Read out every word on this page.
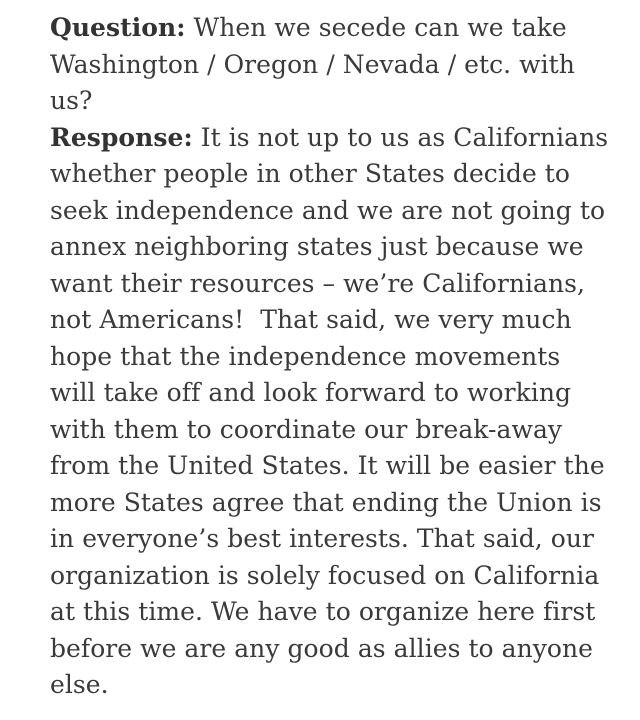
Question: When we secede can we take
Washington / Oregon / Nevada / etc. with
us?
Response: It is not up to us as Californians
whether people in other States decide to
seek independence and we are not going to
annex neighboring states just because we
want their resources – we’re Californians,
not Americans!  That said, we very much
hope that the independence movements
will take off and look forward to working
with them to coordinate our break-away
from the United States. It will be easier the
more States agree that ending the Union is
in everyone’s best interests. That said, our
organization is solely focused on California
at this time. We have to organize here first
before we are any good as allies to anyone
else.
